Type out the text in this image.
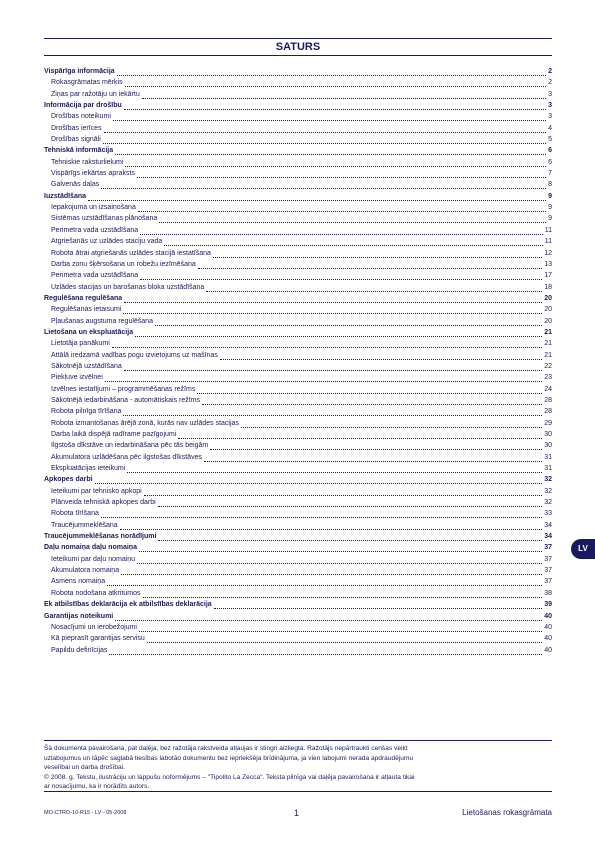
SATURS
Vispārīga informācija	2
Rokasgrāmatas mērķis	2
Ziņas par ražotāju un iekārtu	3
Informācija par drošību	3
Drošības noteikumi	3
Drošības ierīces	4
Drošības signāli	5
Tehniskā informācija	6
Tehniskie raksturlielumi	6
Vispārīgs iekārtas apraksts	7
Galvenās daļas	8
Iuzstādīšana	9
Iepakojuma un izsaiņošana	9
Sistēmas uzstādīšanas plānošana	9
Perimetra vada uzstādīšana	11
Atgriešanās uz uzlādes staciju vada	11
Robota ātrai atgriešanās uzlādes stacijā iestatīšana	12
Darba zonu šķērsošana un robežu iezīmēšana	13
Perimetra vada uzstādīšana	17
Uzlādes stacijas un barošanas bloka uzstādīšana	18
Regulēšana regulēšana	20
Regulēšanas ietaisumi	20
Pļaušanas augstuma regulēšana	20
Lietošana un ekspluatācija	21
Lietotāja panākumi	21
Attālā iredzamā vadības pogu izvietojums uz mašīnas	21
Sākotnējā uzstādīšana	22
Piekļuve izvēlnei	23
Izvēlnes iestatījumi – programmēšanas režīms	24
Sākotnējā iedarbināšana - automātiskais režīms	28
Robota pilnīga tīrīšana	28
Robota izmantošanas ārējā zonā, kurās nav uzlādes stacijas	29
Darba laikā dispējā radīrame pazīgojumi	30
Ilgstoša dīkstāve un iedarbināšana pēc tās beigām	30
Akumulatora uzlādēšana pēc ilgstošas dīkstāves	31
Ekspluatācijas ieteikumi	31
Apkopes darbi	32
Ieteikumi par tehnisko apkopi	32
Plānveida tehniskā apkopes darbi	32
Robota tīrīšana	33
Traucējummeklēšana	34
Traucējummeklēšanas norādījumi	34
Daļu nomaiņa daļu nomaiņa	37
Ieteikumi par daļu nomaiņu	37
Akumulatora nomaiņa	37
Asmens nomaiņa	37
Robota nodošana atkritumos	38
Ek atbilstības deklarācija ek atbilstības deklarācija	39
Garantijas noteikumi	40
Nosacījumi un ierobežojumi	40
Kā pieprasīt garantijas servisu	40
Papildu definīcijas	40
LV

Šā dokumenta pavairošana, pat daļēja, bez ražotāja rakstveida atļaujas ir stingri aizliegta. Ražotājs nepārtraukti cenšas veikt

uzlabojumus un tāpēc saglabā tiesības labotāo dokumentu bez iepriekšēja brīdinājuma, ja vien labojumi nerada apdraudējumu

veselībai un darba drošībai.

© 2008. g. Tekstu, ilustrāciju un lappušu noformējums – "Tipolito La Zecca". Teksta pilnīga vai daļēja pavairošana ir atļauta tikai

ar nosacījumu, ka ir norādīts autors.

MO-CTRO-10-R15 - LV - 05-2008	1	Lietošanas rokasgrāmata
